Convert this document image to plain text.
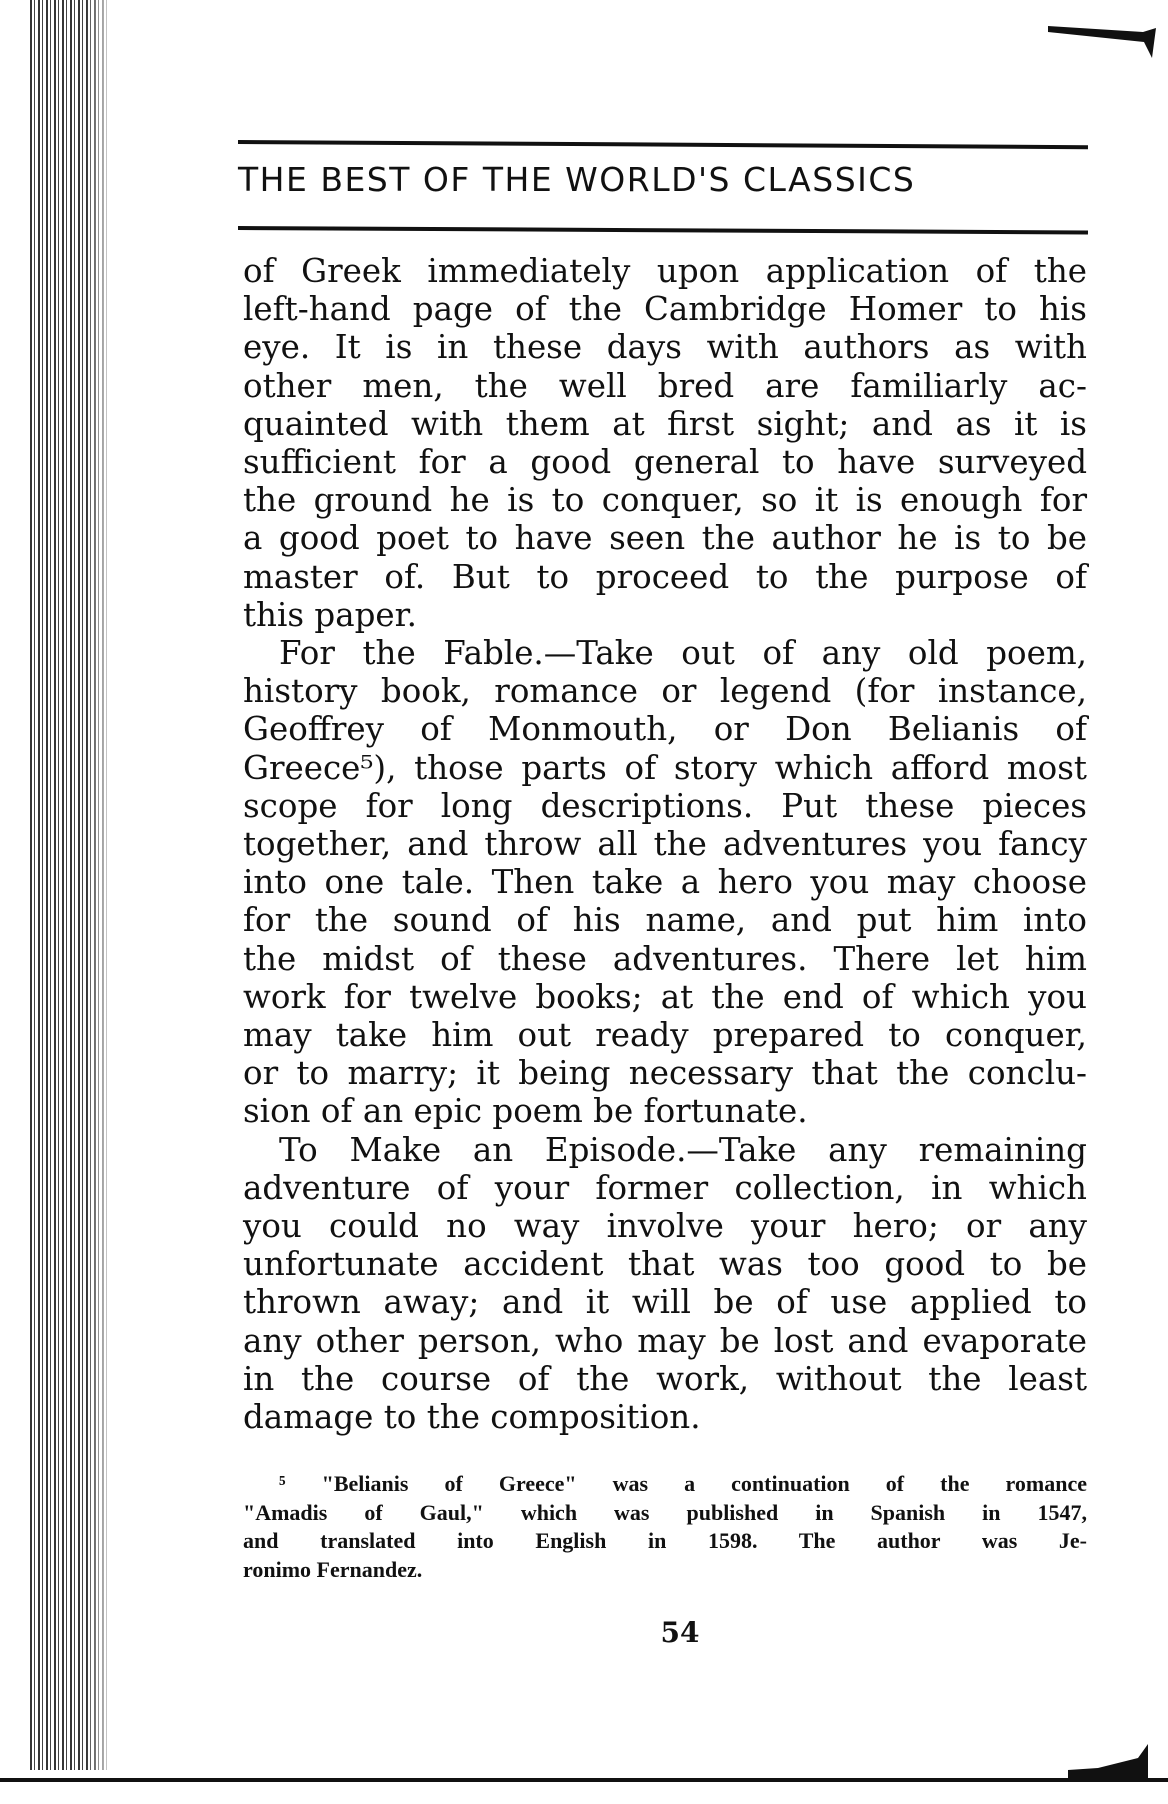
THE BEST OF THE WORLD'S CLASSICS
of Greek immediately upon application of the
left-hand page of the Cambridge Homer to his
eye. It is in these days with authors as with
other men, the well bred are familiarly ac-
quainted with them at first sight; and as it is
sufficient for a good general to have surveyed
the ground he is to conquer, so it is enough for
a good poet to have seen the author he is to be
master of. But to proceed to the purpose of
this paper.
For the Fable.—Take out of any old poem,
history book, romance or legend (for instance,
Geoffrey of Monmouth, or Don Belianis of
Greece⁵), those parts of story which afford most
scope for long descriptions. Put these pieces
together, and throw all the adventures you fancy
into one tale. Then take a hero you may choose
for the sound of his name, and put him into
the midst of these adventures. There let him
work for twelve books; at the end of which you
may take him out ready prepared to conquer,
or to marry; it being necessary that the conclu-
sion of an epic poem be fortunate.
To Make an Episode.—Take any remaining
adventure of your former collection, in which
you could no way involve your hero; or any
unfortunate accident that was too good to be
thrown away; and it will be of use applied to
any other person, who may be lost and evaporate
in the course of the work, without the least
damage to the composition.
⁵ "Belianis of Greece" was a continuation of the romance
"Amadis of Gaul," which was published in Spanish in 1547,
and translated into English in 1598. The author was Je-
ronimo Fernandez.
54
